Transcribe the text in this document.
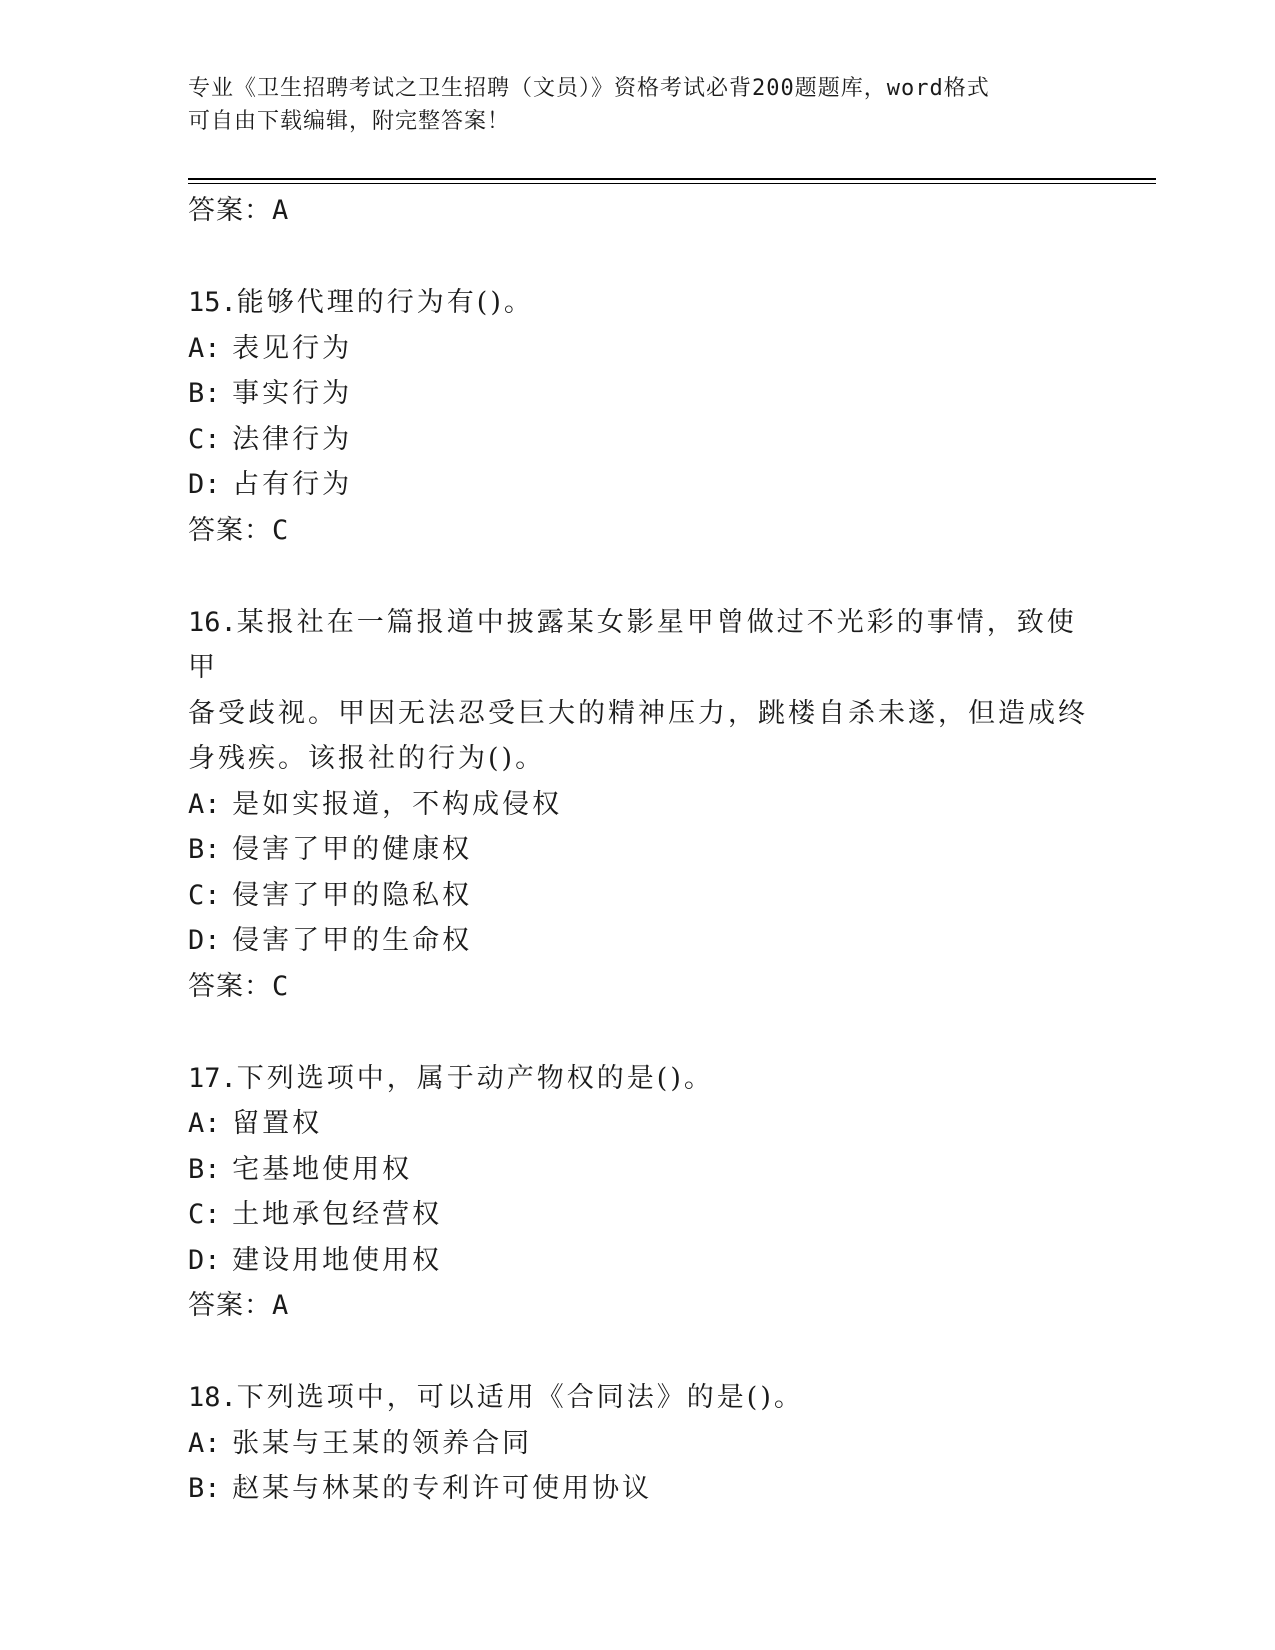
专业《卫生招聘考试之卫生招聘（文员）》资格考试必背200题题库，word格式
可自由下载编辑，附完整答案！
答案：A
15.能够代理的行为有()。
A: 表见行为
B: 事实行为
C: 法律行为
D: 占有行为
答案：C
16.某报社在一篇报道中披露某女影星甲曾做过不光彩的事情，致使甲
备受歧视。甲因无法忍受巨大的精神压力，跳楼自杀未遂，但造成终
身残疾。该报社的行为()。
A: 是如实报道，不构成侵权
B: 侵害了甲的健康权
C: 侵害了甲的隐私权
D: 侵害了甲的生命权
答案：C
17.下列选项中，属于动产物权的是()。
A: 留置权
B: 宅基地使用权
C: 土地承包经营权
D: 建设用地使用权
答案：A
18.下列选项中，可以适用《合同法》的是()。
A: 张某与王某的领养合同
B: 赵某与林某的专利许可使用协议
